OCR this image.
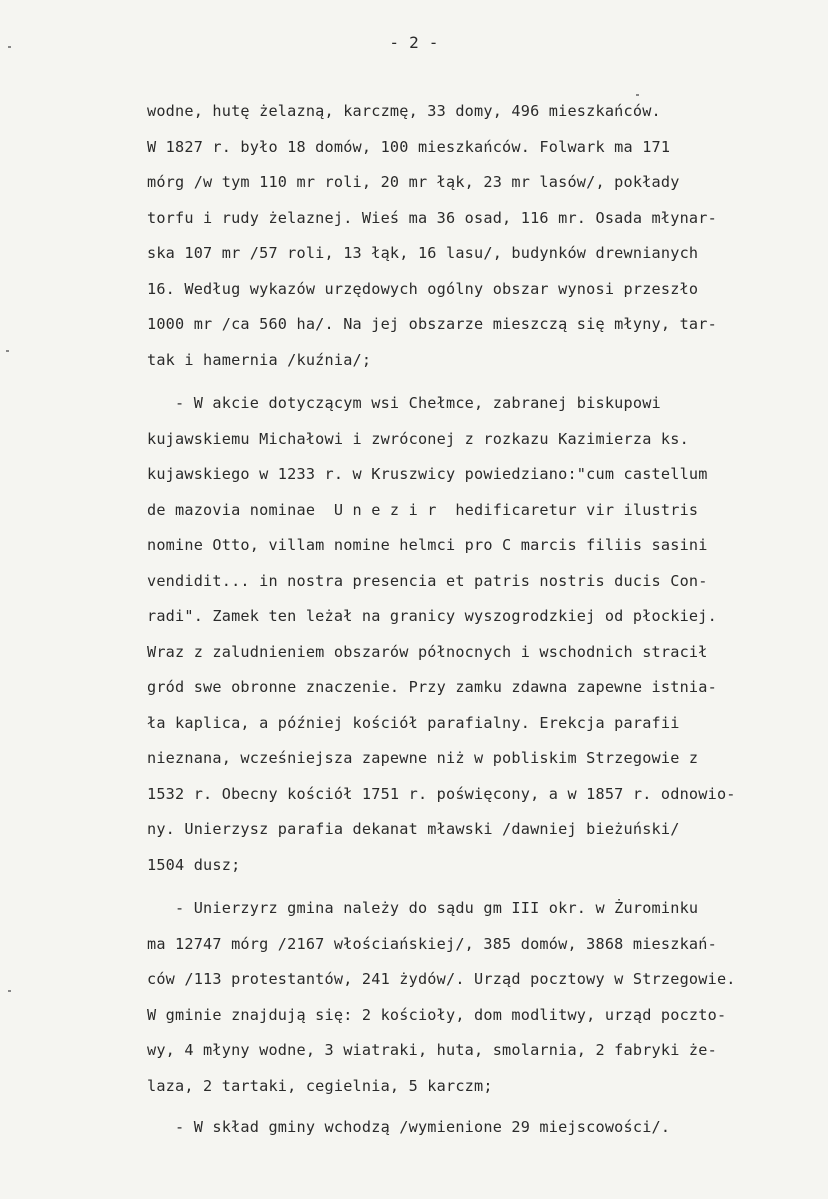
- 2 -
wodne, hutę żelazną, karczmę, 33 domy, 496 mieszkańców.
W 1827 r. było 18 domów, 100 mieszkańców. Folwark ma 171
mórg /w tym 110 mr roli, 20 mr łąk, 23 mr lasów/, pokłady
torfu i rudy żelaznej. Wieś ma 36 osad, 116 mr. Osada młynar-
ska 107 mr /57 roli, 13 łąk, 16 lasu/, budynków drewnianych
16. Według wykazów urzędowych ogólny obszar wynosi przeszło
1000 mr /ca 560 ha/. Na jej obszarze mieszczą się młyny, tar-
tak i hamernia /kuźnia/;
- W akcie dotyczącym wsi Chełmce, zabranej biskupowi
kujawskiemu Michałowi i zwróconej z rozkazu Kazimierza ks.
kujawskiego w 1233 r. w Kruszwicy powiedziano:"cum castellum
de mazovia nominae  U n e z i r  hedificaretur vir ilustris
nomine Otto, villam nomine helmci pro C marcis filiis sasini
vendidit... in nostra presencia et patris nostris ducis Con-
radi". Zamek ten leżał na granicy wyszogrodzkiej od płockiej.
Wraz z zaludnieniem obszarów północnych i wschodnich stracił
gród swe obronne znaczenie. Przy zamku zdawna zapewne istnia-
ła kaplica, a później kościół parafialny. Erekcja parafii
nieznana, wcześniejsza zapewne niż w pobliskim Strzegowie z
1532 r. Obecny kościół 1751 r. poświęcony, a w 1857 r. odnowio-
ny. Unierzysz parafia dekanat mławski /dawniej bieżuński/
1504 dusz;
- Unierzyrz gmina należy do sądu gm III okr. w Żurominku
ma 12747 mórg /2167 włościańskiej/, 385 domów, 3868 mieszkań-
ców /113 protestantów, 241 żydów/. Urząd pocztowy w Strzegowie.
W gminie znajdują się: 2 kościoły, dom modlitwy, urząd poczto-
wy, 4 młyny wodne, 3 wiatraki, huta, smolarnia, 2 fabryki że-
laza, 2 tartaki, cegielnia, 5 karczm;
- W skład gminy wchodzą /wymienione 29 miejscowości/.
